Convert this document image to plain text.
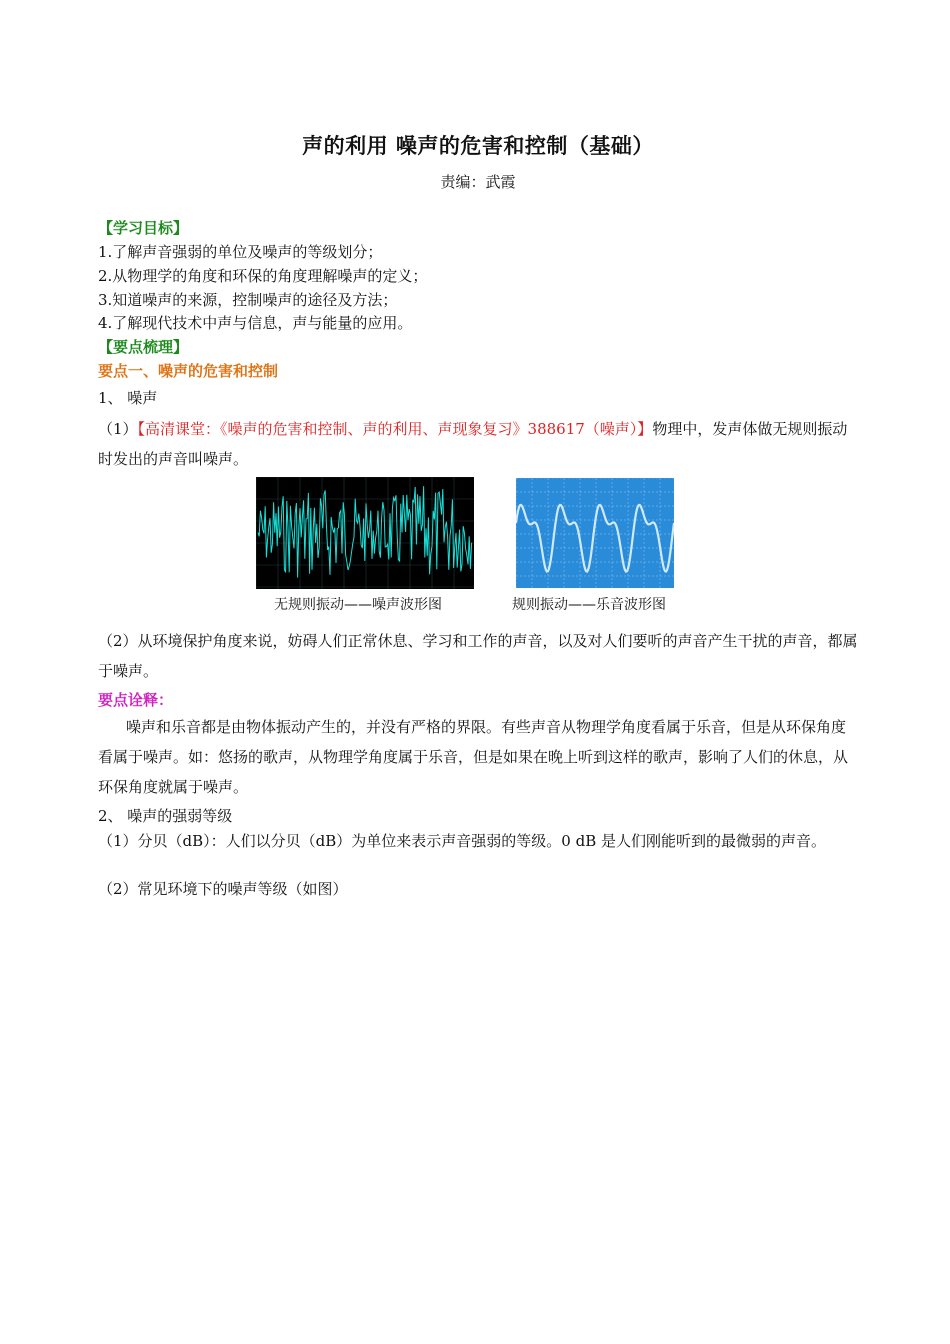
声的利用 噪声的危害和控制（基础）
责编：武霞
【学习目标】
1.了解声音强弱的单位及噪声的等级划分；
2.从物理学的角度和环保的角度理解噪声的定义；
3.知道噪声的来源，控制噪声的途径及方法；
4.了解现代技术中声与信息，声与能量的应用。
【要点梳理】
要点一、噪声的危害和控制
1、 噪声
（1）【高清课堂：《噪声的危害和控制、声的利用、声现象复习》388617（噪声）】物理中，发声体做无规则振动时发出的声音叫噪声。
无规则振动——噪声波形图	规则振动——乐音波形图
（2）从环境保护角度来说，妨碍人们正常休息、学习和工作的声音，以及对人们要听的声音产生干扰的声音，都属于噪声。
要点诠释：
噪声和乐音都是由物体振动产生的，并没有严格的界限。有些声音从物理学角度看属于乐音，但是从环保角度看属于噪声。如：悠扬的歌声，从物理学角度属于乐音，但是如果在晚上听到这样的歌声，影响了人们的休息，从环保角度就属于噪声。
2、 噪声的强弱等级
（1）分贝（dB）：人们以分贝（dB）为单位来表示声音强弱的等级。0 dB 是人们刚能听到的最微弱的声音。
（2）常见环境下的噪声等级（如图）
